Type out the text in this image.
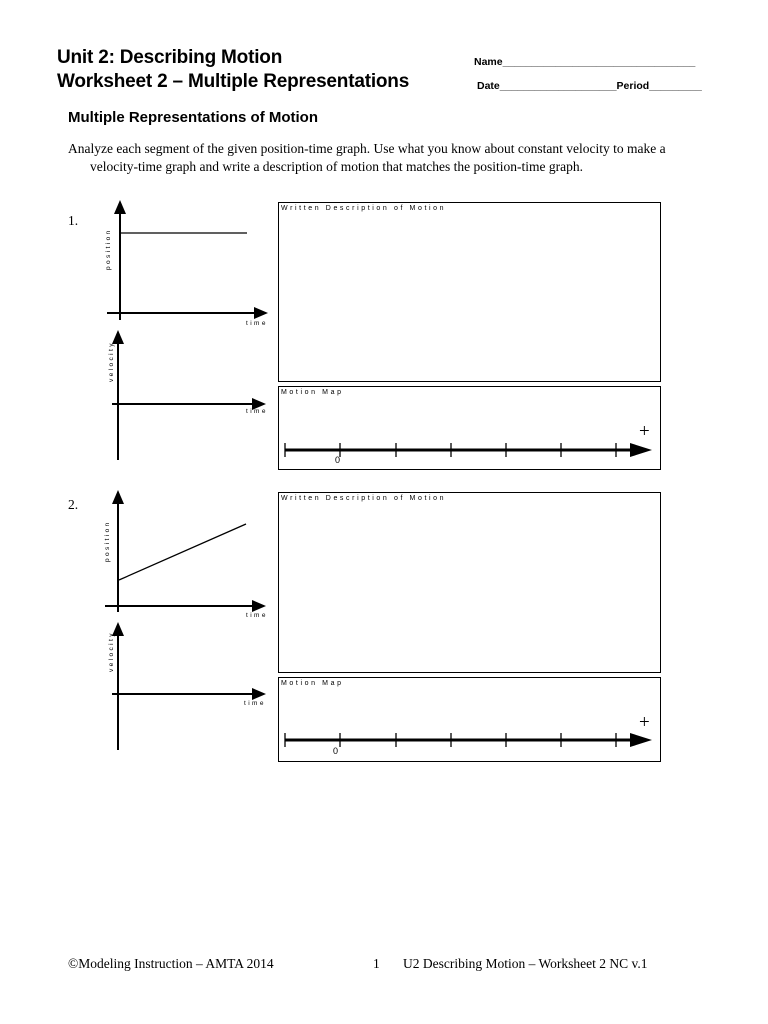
Unit 2: Describing Motion
Worksheet 2 – Multiple Representations
Name_________________________________
Date____________________Period_________
Multiple Representations of Motion
Analyze each segment of the given position-time graph. Use what you know about constant velocity to make a velocity-time graph and write a description of motion that matches the position-time graph.
1.
position
time
velocity
time
Written Description of Motion
Motion Map
0
+
2.
position
time
velocity
time
Written Description of Motion
Motion Map
0
+
©Modeling Instruction – AMTA 2014	1 U2 Describing Motion – Worksheet 2 NC v.1
